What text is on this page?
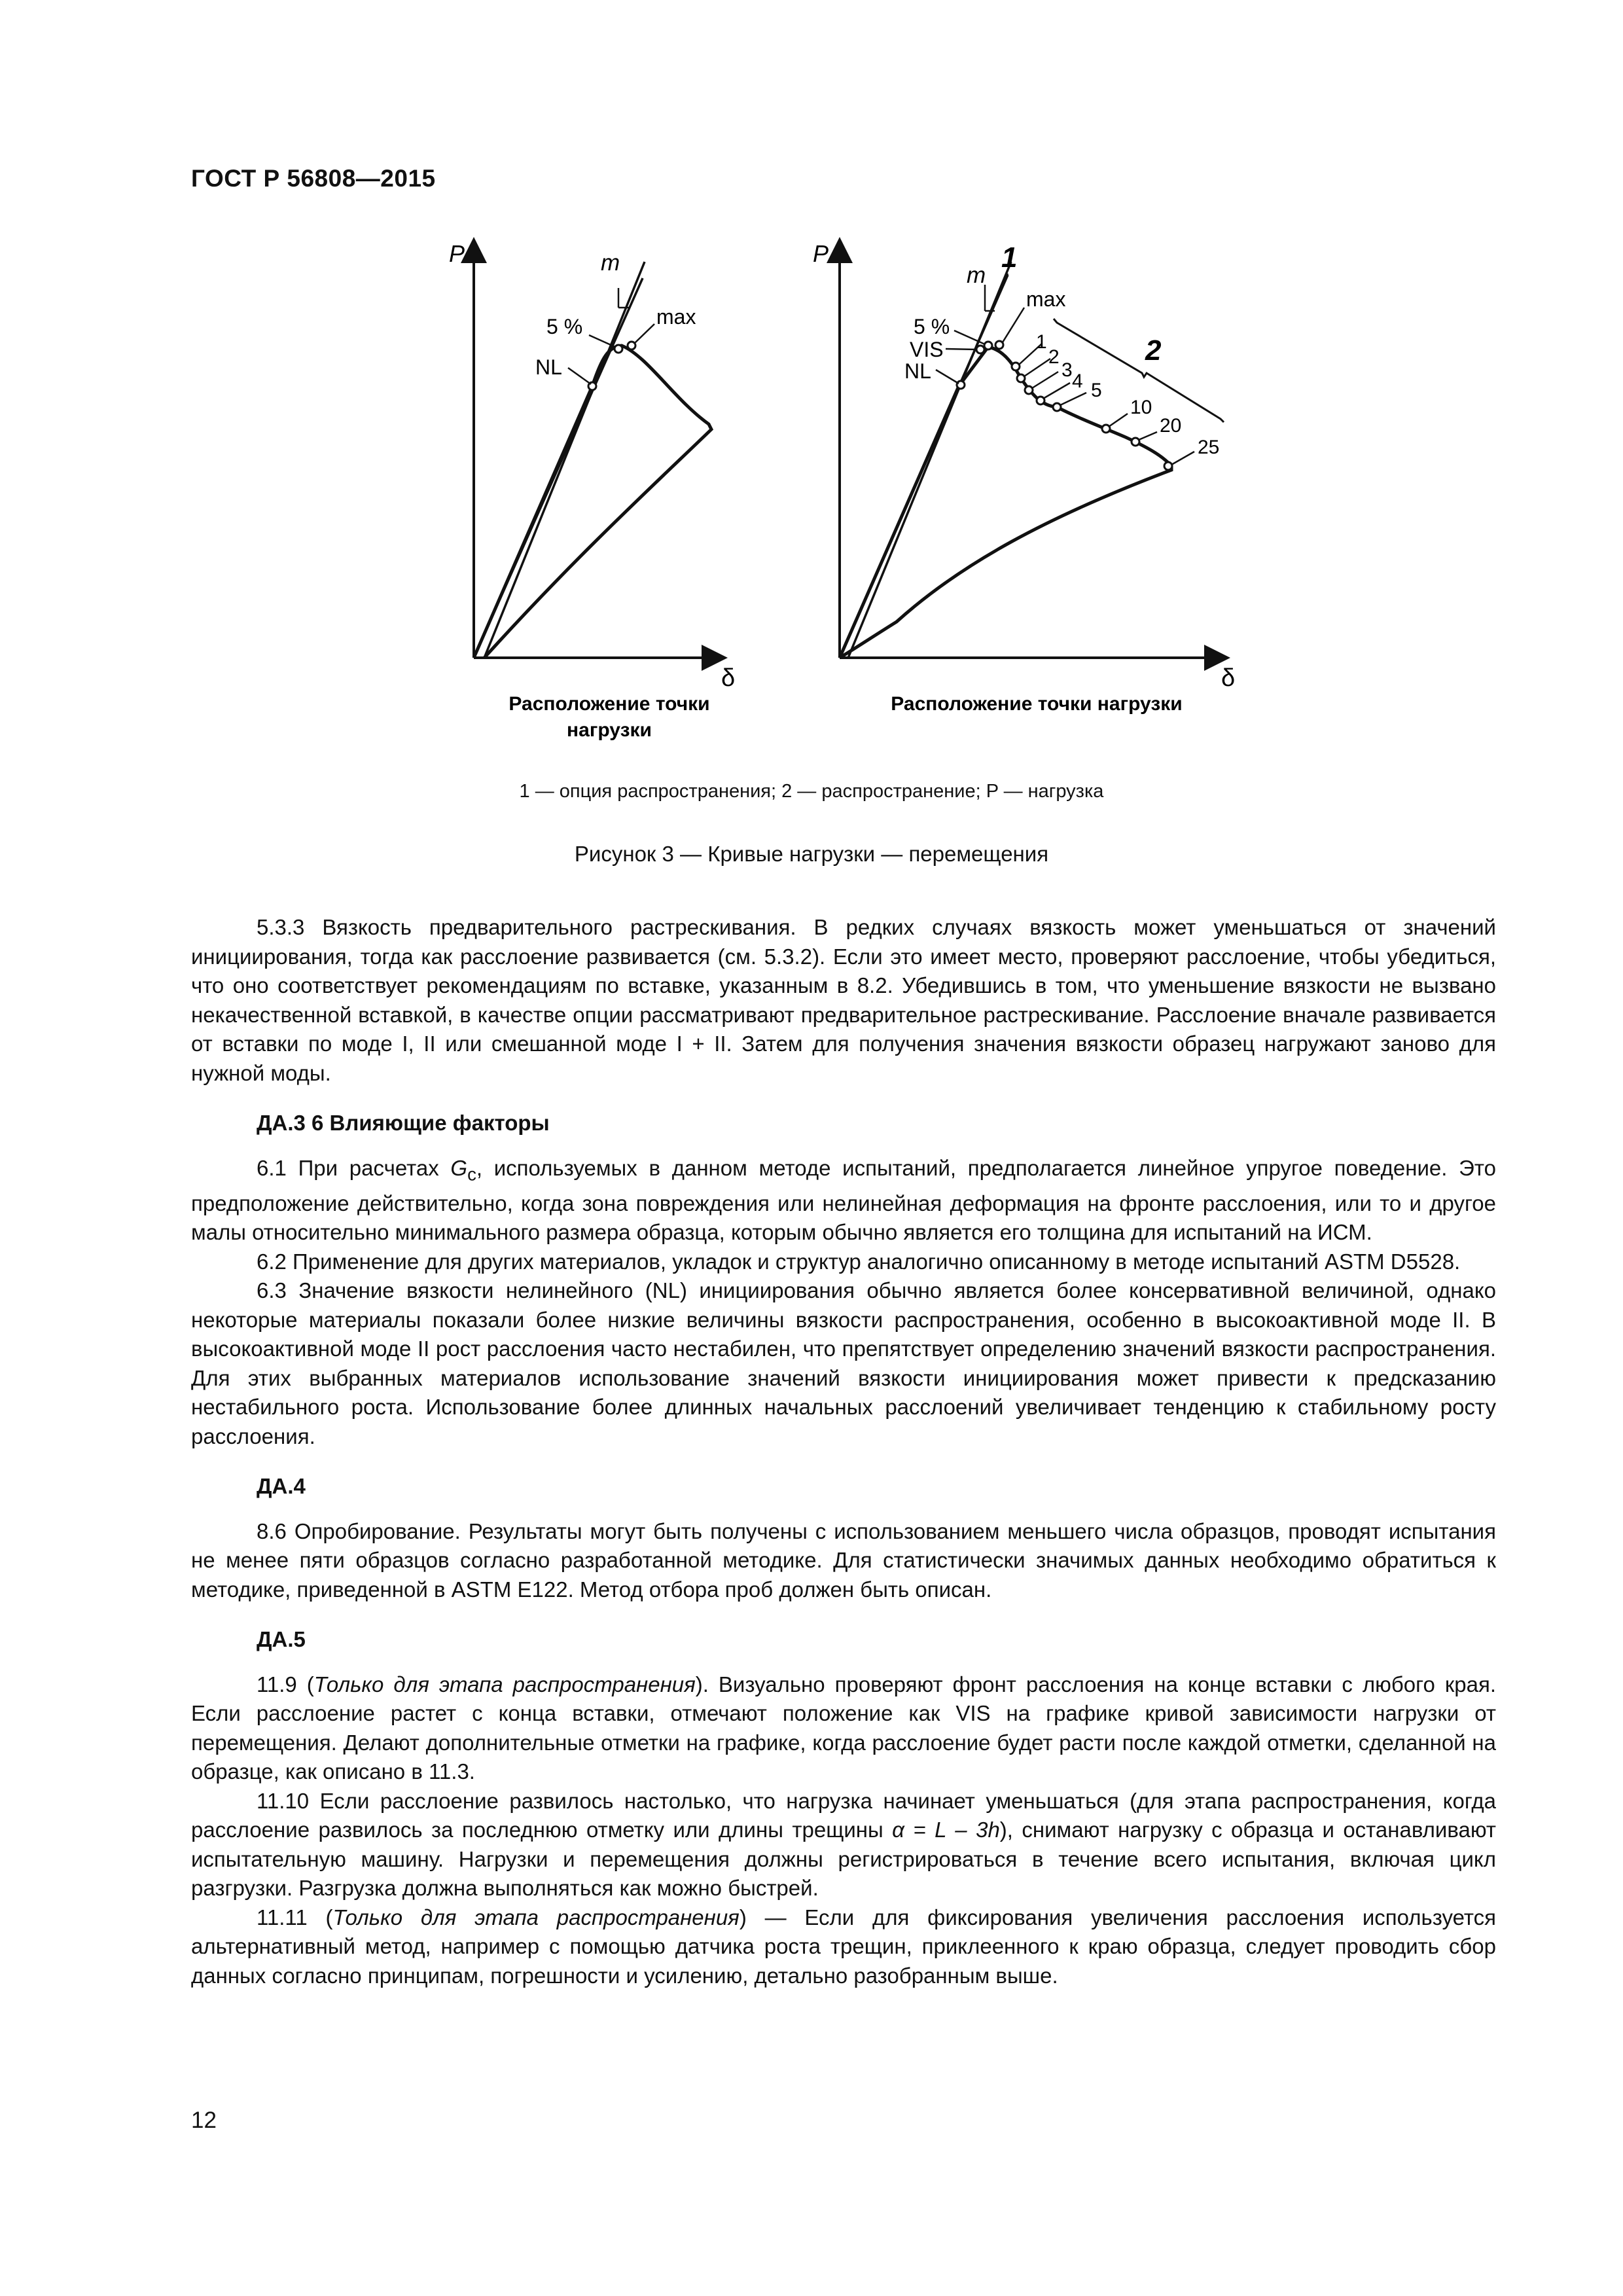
ГОСТ Р 56808—2015
P
δ
m
5 %	max
NL
Расположение точки
нагрузки
P
δ
m
1
2
5 %
VIS
NL
max
1
2
3
4 5
10
20
25
Расположение точки нагрузки
1 — опция распространения; 2 — распространение; P — нагрузка
Рисунок 3 — Кривые нагрузки — перемещения

5.3.3 Вязкость предварительного растрескивания. В редких случаях вязкость может уменьшаться от значений инициирования, тогда как расслоение развивается (см. 5.3.2). Если это имеет место, проверяют расслоение, чтобы убедиться, что оно соответствует рекомендациям по вставке, указанным в 8.2. Убедившись в том, что уменьшение вязкости не вызвано некачественной вставкой, в качестве опции рассматривают предварительное растрескивание. Расслоение вначале развивается от вставки по моде I, II или смешанной моде I + II. Затем для получения значения вязкости образец нагружают заново для нужной моды.

ДА.3 6 Влияющие факторы

6.1 При расчетах $G_c$, используемых в данном методе испытаний, предполагается линейное упругое поведение. Это предположение действительно, когда зона повреждения или нелинейная деформация на фронте расслоения, или то и другое малы относительно минимального размера образца, которым обычно является его толщина для испытаний на ИСМ.

6.2 Применение для других материалов, укладок и структур аналогично описанному в методе испытаний ASTM D5528.

6.3 Значение вязкости нелинейного (NL) инициирования обычно является более консервативной величиной, однако некоторые материалы показали более низкие величины вязкости распространения, особенно в высокоактивной моде II. В высокоактивной моде II рост расслоения часто нестабилен, что препятствует определению значений вязкости распространения. Для этих выбранных материалов использование значений вязкости инициирования может привести к предсказанию нестабильного роста. Использование более длинных начальных расслоений увеличивает тенденцию к стабильному росту расслоения.

ДА.4

8.6 Опробирование. Результаты могут быть получены с использованием меньшего числа образцов, проводят испытания не менее пяти образцов согласно разработанной методике. Для статистически значимых данных необходимо обратиться к методике, приведенной в ASTM E122. Метод отбора проб должен быть описан.

ДА.5

11.9 (Только для этапа распространения). Визуально проверяют фронт расслоения на конце вставки с любого края. Если расслоение растет с конца вставки, отмечают положение как VIS на графике кривой зависимости нагрузки от перемещения. Делают дополнительные отметки на графике, когда расслоение будет расти после каждой отметки, сделанной на образце, как описано в 11.3.

11.10 Если расслоение развилось настолько, что нагрузка начинает уменьшаться (для этапа распространения, когда расслоение развилось за последнюю отметку или длины трещины α = L – 3h), снимают нагрузку с образца и останавливают испытательную машину. Нагрузки и перемещения должны регистрироваться в течение всего испытания, включая цикл разгрузки. Разгрузка должна выполняться как можно быстрей.

11.11 (Только для этапа распространения) — Если для фиксирования увеличения расслоения используется альтернативный метод, например с помощью датчика роста трещин, приклеенного к краю образца, следует проводить сбор данных согласно принципам, погрешности и усилению, детально разобранным выше.

12
